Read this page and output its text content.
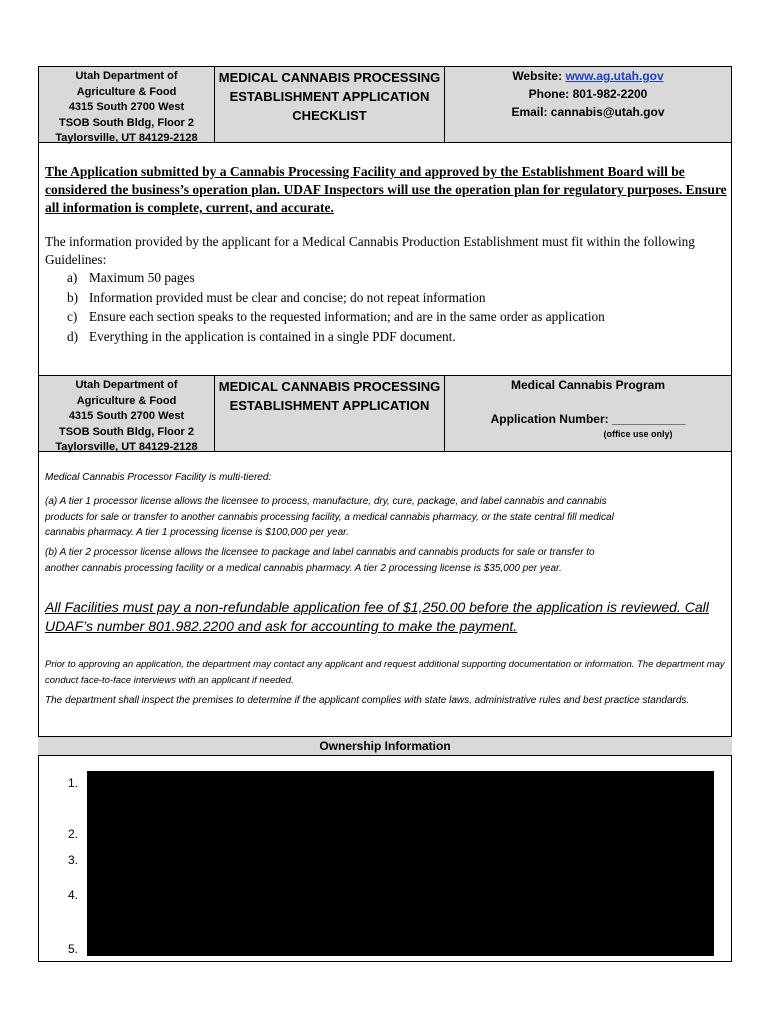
Utah Department of
Agriculture & Food
4315 South 2700 West
TSOB South Bldg, Floor 2
Taylorsville, UT 84129-2128
MEDICAL CANNABIS PROCESSING
ESTABLISHMENT APPLICATION
CHECKLIST
Website: www.ag.utah.gov
Phone: 801-982-2200
Email: cannabis@utah.gov
The Application submitted by a Cannabis Processing Facility and approved by the Establishment Board will be considered the business’s operation plan. UDAF Inspectors will use the operation plan for regulatory purposes. Ensure all information is complete, current, and accurate.
The information provided by the applicant for a Medical Cannabis Production Establishment must fit within the following Guidelines:
a) Maximum 50 pages
b) Information provided must be clear and concise; do not repeat information
c) Ensure each section speaks to the requested information; and are in the same order as application
d) Everything in the application is contained in a single PDF document.
Utah Department of
Agriculture & Food
4315 South 2700 West
TSOB South Bldg, Floor 2
Taylorsville, UT 84129-2128
MEDICAL CANNABIS PROCESSING
ESTABLISHMENT APPLICATION
Medical Cannabis Program
Application Number: ___________
(office use only)
Medical Cannabis Processor Facility is multi-tiered:
(a) A tier 1 processor license allows the licensee to process, manufacture, dry, cure, package, and label cannabis and cannabis products for sale or transfer to another cannabis processing facility, a medical cannabis pharmacy, or the state central fill medical cannabis pharmacy. A tier 1 processing license is $100,000 per year.
(b) A tier 2 processor license allows the licensee to package and label cannabis and cannabis products for sale or transfer to another cannabis processing facility or a medical cannabis pharmacy. A tier 2 processing license is $35,000 per year.
All Facilities must pay a non-refundable application fee of $1,250.00 before the application is reviewed. Call UDAF’s number 801.982.2200 and ask for accounting to make the payment.
Prior to approving an application, the department may contact any applicant and request additional supporting documentation or information. The department may conduct face-to-face interviews with an applicant if needed.
The department shall inspect the premises to determine if the applicant complies with state laws, administrative rules and best practice standards.
Ownership Information
1.
2.
3.
4.
5.
